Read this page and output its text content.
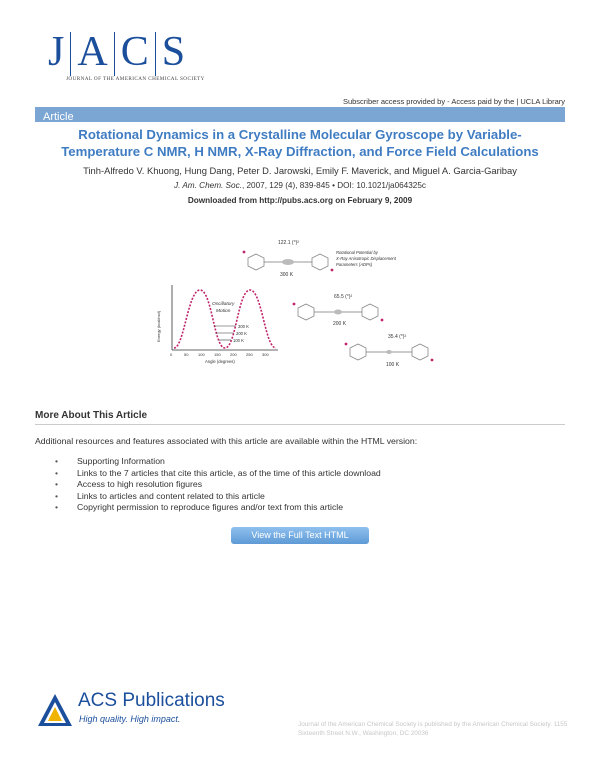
J A C S
JOURNAL OF THE AMERICAN CHEMICAL SOCIETY
Subscriber access provided by - Access paid by the | UCLA Library
Article
Rotational Dynamics in a Crystalline Molecular Gyroscope by Variable-
Temperature C NMR, H NMR, X-Ray Diffraction, and Force Field Calculations
Tinh-Alfredo V. Khuong, Hung Dang, Peter D. Jarowski, Emily F. Maverick, and Miguel A. Garcia-Garibay
J. Am. Chem. Soc., 2007, 129 (4), 839-845 • DOI: 10.1021/ja064325c
Downloaded from http://pubs.acs.org on February 9, 2009
Energy (kcal/mol)
Angle (degrees)
0	50 100 150 200 250 300
Oscillatory
Motion
300 K
200 K
100 K
Rotational Potential by
X-Ray Anisotropic Displacement
Parameters (ADPs)
122.1 (°)²
300 K
65.5 (°)²
200 K
35.4 (°)²
100 K
More About This Article
Additional resources and features associated with this article are available within the HTML version:
• Supporting Information
• Links to the 7 articles that cite this article, as of the time of this article download
• Access to high resolution figures
• Links to articles and content related to this article
• Copyright permission to reproduce figures and/or text from this article
View the Full Text HTML
ACS Publications
High quality. High impact.
Journal of the American Chemical Society is published by the American Chemical Society. 1155 Sixteenth Street N.W., Washington, DC 20036
